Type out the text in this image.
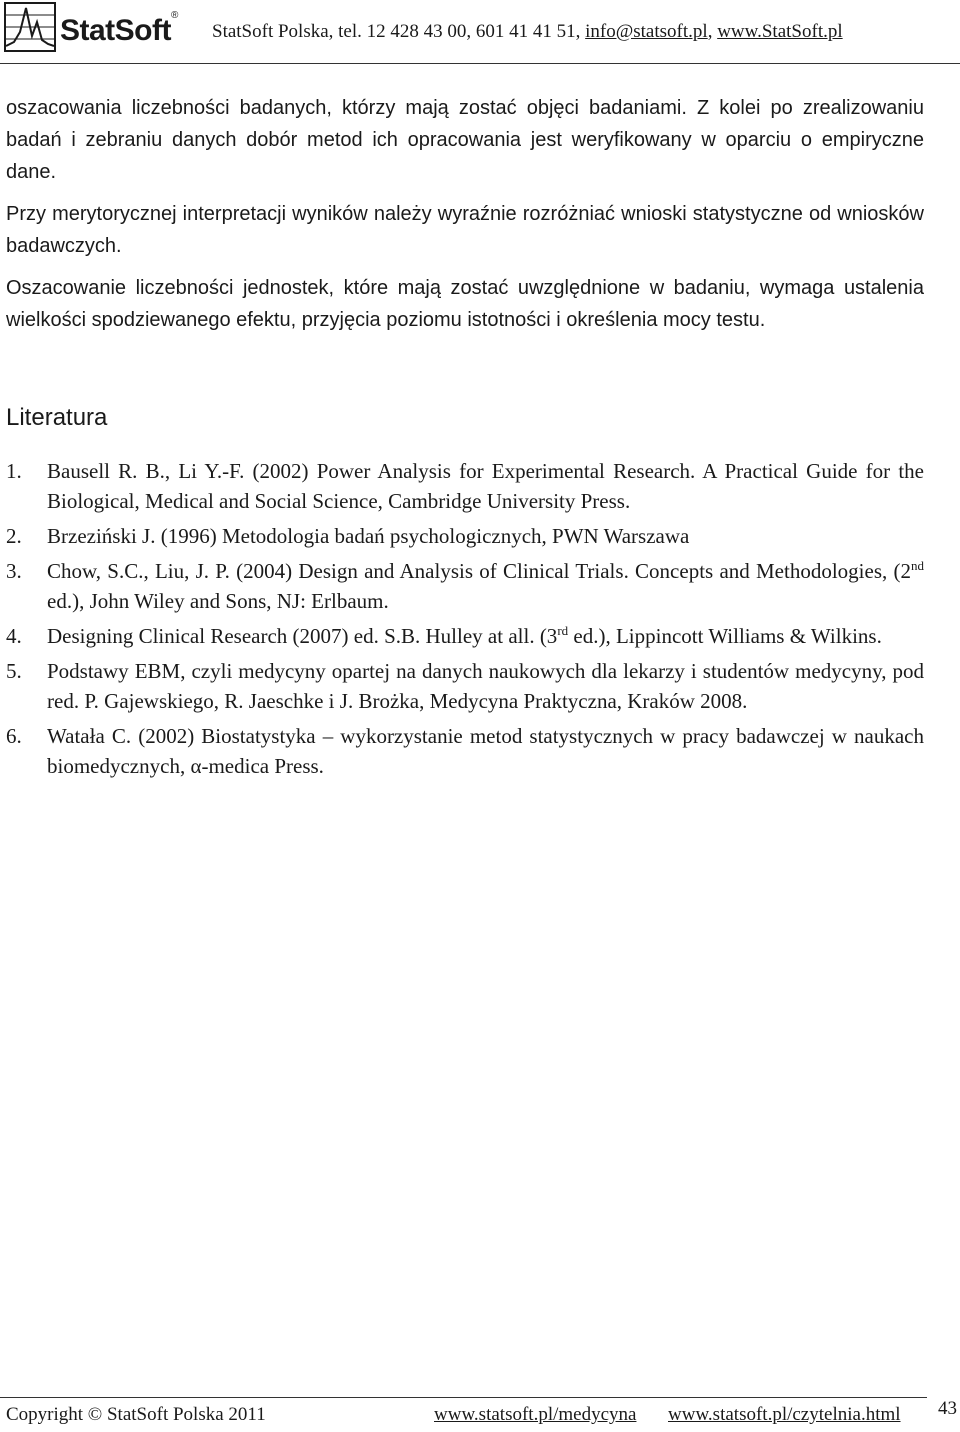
StatSoft®
StatSoft Polska, tel. 12 428 43 00, 601 41 41 51, info@statsoft.pl, www.StatSoft.pl

oszacowania liczebności badanych, którzy mają zostać objęci badaniami. Z kolei po zrealizowaniu badań i zebraniu danych dobór metod ich opracowania jest weryfikowany w oparciu o empiryczne dane.

Przy merytorycznej interpretacji wyników należy wyraźnie rozróżniać wnioski statystyczne od wniosków badawczych.

Oszacowanie liczebności jednostek, które mają zostać uwzględnione w badaniu, wymaga ustalenia wielkości spodziewanego efektu, przyjęcia poziomu istotności i określenia mocy testu.

Literatura
1. Bausell R. B., Li Y.-F. (2002) Power Analysis for Experimental Research. A Practical Guide for the Biological, Medical and Social Science, Cambridge University Press.
2. Brzeziński J. (1996) Metodologia badań psychologicznych, PWN Warszawa
3. Chow, S.C., Liu, J. P. (2004) Design and Analysis of Clinical Trials. Concepts and Methodologies, (2nd ed.), John Wiley and Sons, NJ: Erlbaum.
4. Designing Clinical Research (2007) ed. S.B. Hulley at all. (3rd ed.), Lippincott Williams & Wilkins.
5. Podstawy EBM, czyli medycyny opartej na danych naukowych dla lekarzy i studentów medycyny, pod red. P. Gajewskiego, R. Jaeschke i J. Brożka, Medycyna Praktyczna, Kraków 2008.
6. Watała C. (2002) Biostatystyka – wykorzystanie metod statystycznych w pracy badawczej w naukach biomedycznych, α-medica Press.
Copyright © StatSoft Polska 2011	www.statsoft.pl/medycyna www.statsoft.pl/czytelnia.html 43
